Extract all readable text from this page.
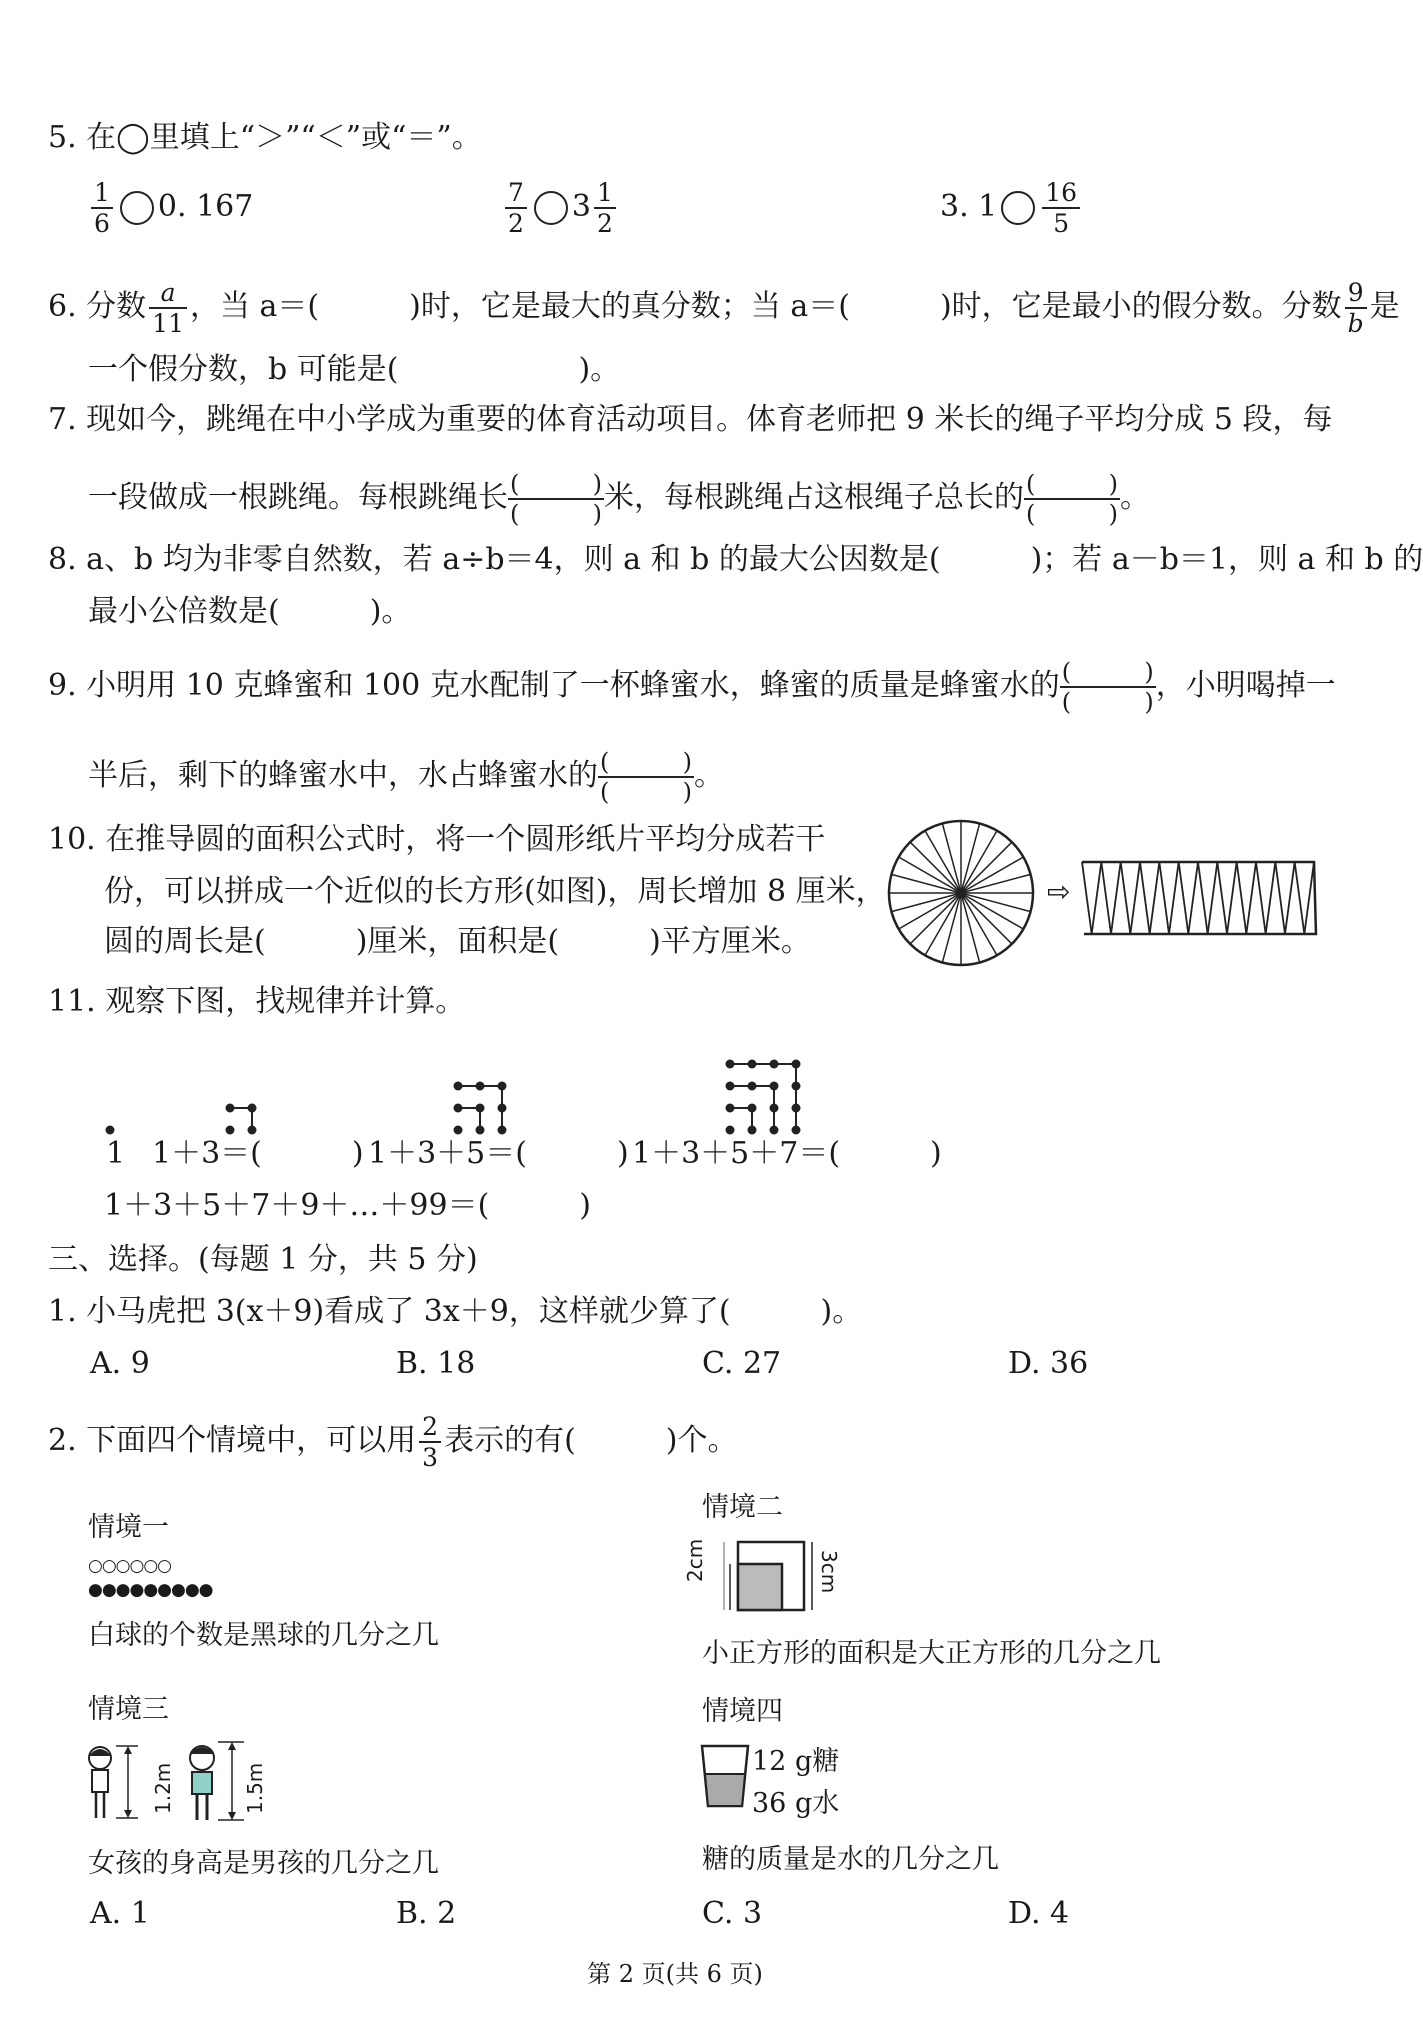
5. 在◯里填上“＞”“＜”或“＝”。
$\frac{1}{6} 0$. 167	$\frac{7}{2} 3 \frac{1}{2}$	3. $1 \frac{16}{5}$
6. 分数 $\frac{a}{11}$ ，当 a＝(　　　)时，它是最大的真分数；当 a＝(　　　)时，它是最小的假分数。分数 $\frac{9}{b}$ 是
一个假分数，b 可能是(　　　　　　)。
7. 现如今，跳绳在中小学成为重要的体育活动项目。体育老师把 9 米长的绳子平均分成 5 段，每
一段做成一根跳绳。每根跳绳长 (	)
(	) 米，每根跳绳占这根绳子总长的 (	)
(	) 。
8. a、b 均为非零自然数，若 a÷b＝4，则 a 和 b 的最大公因数是(　　　)；若 a－b＝1，则 a 和 b 的
最小公倍数是(　　　)。
9. 小明用 10 克蜂蜜和 100 克水配制了一杯蜂蜜水，蜂蜜的质量是蜂蜜水的 (	)
(	) ，小明喝掉一
半后，剩下的蜂蜜水中，水占蜂蜜水的 (	)
(	) 。
10. 在推导圆的面积公式时，将一个圆形纸片平均分成若干
份，可以拼成一个近似的长方形(如图)，周长增加 8 厘米，
圆的周长是(　　　)厘米，面积是(　　　)平方厘米。
⇨
11. 观察下图，找规律并计算。
1 1＋3＝(　　　) 1＋3＋5＝(　　　) 1＋3＋5＋7＝(　　　)
1＋3＋5＋7＋9＋…＋99＝(　　　)
三、选择。(每题 1 分，共 5 分)
1. 小马虎把 3(x＋9)看成了 3x＋9，这样就少算了(　　　)。
A. 9	B. 18	C. 27	D. 36
2. 下面四个情境中，可以用 $\frac{2}{3}$ 表示的有(　　　)个。
情境一
○○○○○○
●●●●●●●●●
白球的个数是黑球的几分之几
情境二
2cm	3cm
小正方形的面积是大正方形的几分之几
情境三
1.2m	1.5m
女孩的身高是男孩的几分之几
情境四
12 g糖
36 g水
糖的质量是水的几分之几
A. 1	B. 2	C. 3	D. 4
第 2 页(共 6 页)
